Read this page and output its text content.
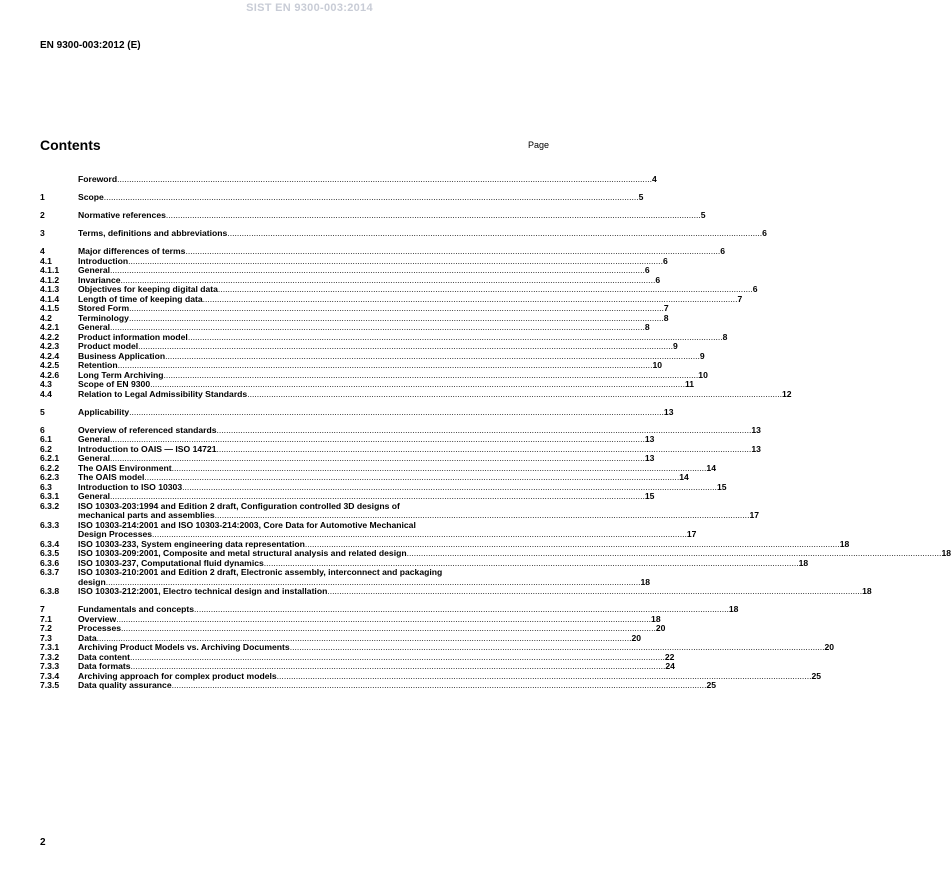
SIST EN 9300-003:2014
EN 9300-003:2012 (E)
Contents	Page
Foreword .....	4
1	Scope .....	5
2	Normative references .....	5
3	Terms, definitions and abbreviations .....	6
4	Major differences of terms .....	6
4.1	Introduction .....	6
4.1.1	General .....	6
4.1.2	Invariance .....	6
4.1.3	Objectives for keeping digital data .....	6
4.1.4	Length of time of keeping data .....	7
4.1.5	Stored Form .....	7
4.2	Terminology .....	8
4.2.1	General .....	8
4.2.2	Product information model .....	8
4.2.3	Product model .....	9
4.2.4	Business Application .....	9
4.2.5	Retention .....	10
4.2.6	Long Term Archiving .....	10
4.3	Scope of EN 9300 .....	11
4.4	Relation to Legal Admissibility Standards .....	12
5	Applicability .....	13
6	Overview of referenced standards .....	13
6.1	General .....	13
6.2	Introduction to OAIS — ISO 14721 .....	13
6.2.1	General .....	13
6.2.2	The OAIS Environment .....	14
6.2.3	The OAIS model .....	14
6.3	Introduction to ISO 10303 .....	15
6.3.1	General .....	15
6.3.2	ISO 10303-203:1994 and Edition 2 draft, Configuration controlled 3D designs of
mechanical parts and assemblies .....	17
6.3.3	ISO 10303-214:2001 and ISO 10303-214:2003, Core Data for Automotive Mechanical
Design Processes .....	17
6.3.4	ISO 10303-233, System engineering data representation .....	18
6.3.5	ISO 10303-209:2001, Composite and metal structural analysis and related design .....	18
6.3.6	ISO 10303-237, Computational fluid dynamics .....	18
6.3.7	ISO 10303-210:2001 and Edition 2 draft, Electronic assembly, interconnect and packaging
design .....	18
6.3.8	ISO 10303-212:2001, Electro technical design and installation .....	18
7	Fundamentals and concepts .....	18
7.1	Overview .....	18
7.2	Processes .....	20
7.3	Data .....	20
7.3.1	Archiving Product Models vs. Archiving Documents .....	20
7.3.2	Data content .....	22
7.3.3	Data formats .....	24
7.3.4	Archiving approach for complex product models .....	25
7.3.5	Data quality assurance .....	25
2
